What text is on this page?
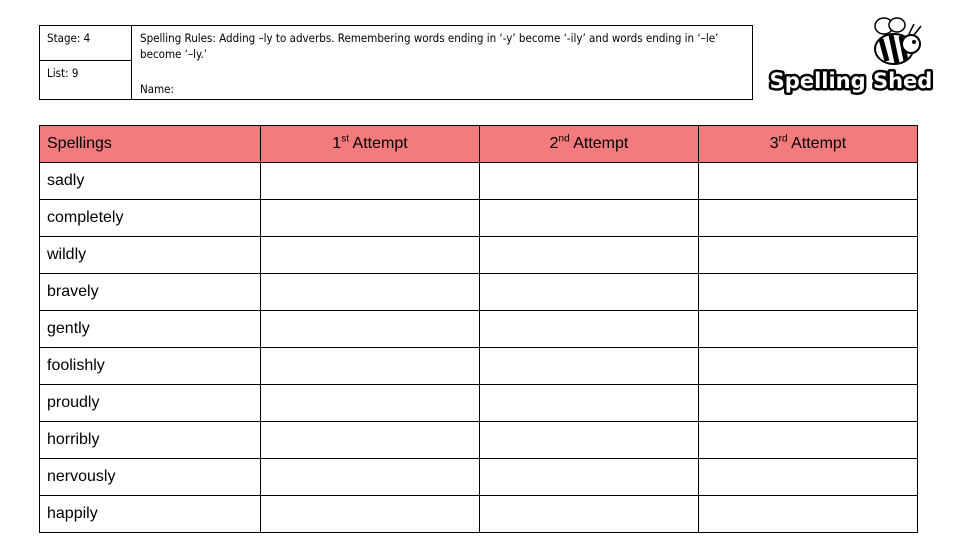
Stage: 4
List: 9
Spelling Rules: Adding –ly to adverbs. Remembering words ending in ‘-y’ become ‘-ily’ and words ending in ‘–le’ become ‘–ly.’
Name:	Spelling Shed
Spellings	1st Attempt	2nd Attempt	3rd Attempt
sadly			
completely			
wildly			
bravely			
gently			
foolishly			
proudly			
horribly			
nervously			
happily			
